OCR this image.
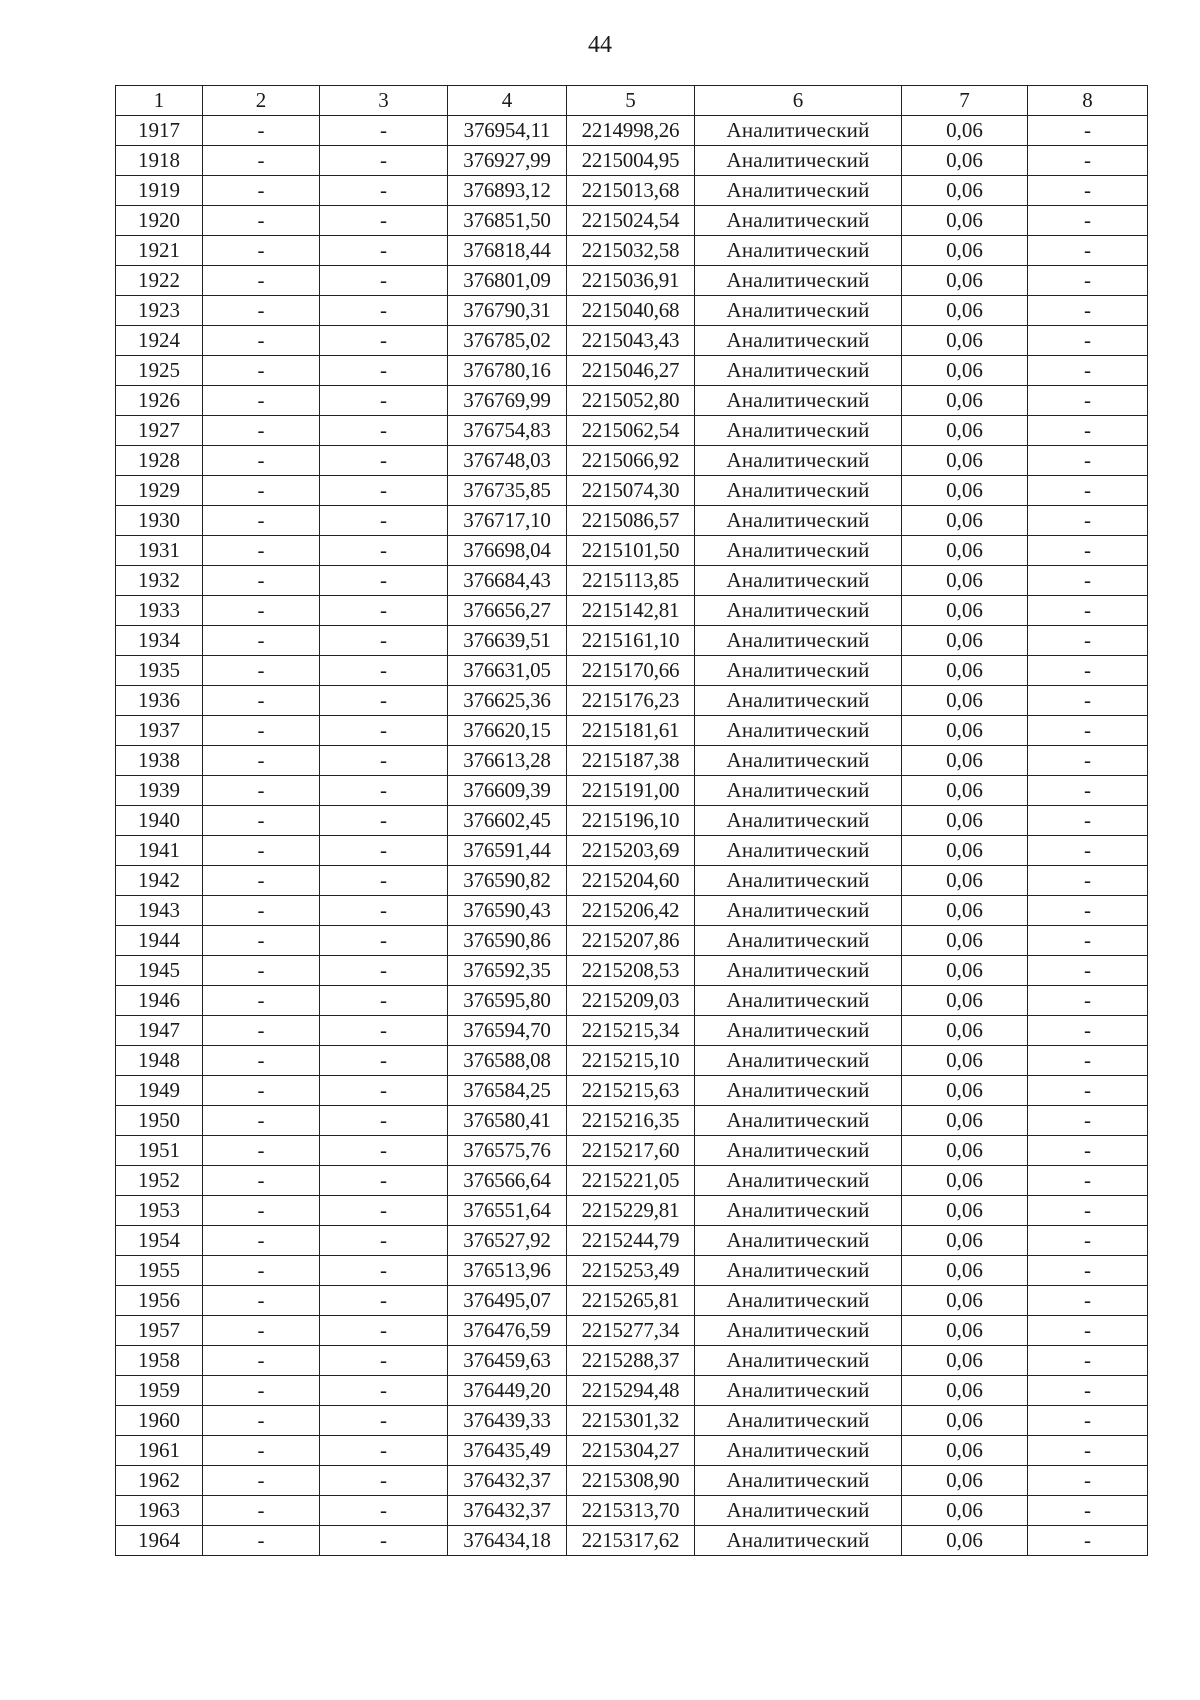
44
1	2	3	4	5	6	7	8
1917	-	-	376954,11	2214998,26	Аналитический	0,06	-
1918	-	-	376927,99	2215004,95	Аналитический	0,06	-
1919	-	-	376893,12	2215013,68	Аналитический	0,06	-
1920	-	-	376851,50	2215024,54	Аналитический	0,06	-
1921	-	-	376818,44	2215032,58	Аналитический	0,06	-
1922	-	-	376801,09	2215036,91	Аналитический	0,06	-
1923	-	-	376790,31	2215040,68	Аналитический	0,06	-
1924	-	-	376785,02	2215043,43	Аналитический	0,06	-
1925	-	-	376780,16	2215046,27	Аналитический	0,06	-
1926	-	-	376769,99	2215052,80	Аналитический	0,06	-
1927	-	-	376754,83	2215062,54	Аналитический	0,06	-
1928	-	-	376748,03	2215066,92	Аналитический	0,06	-
1929	-	-	376735,85	2215074,30	Аналитический	0,06	-
1930	-	-	376717,10	2215086,57	Аналитический	0,06	-
1931	-	-	376698,04	2215101,50	Аналитический	0,06	-
1932	-	-	376684,43	2215113,85	Аналитический	0,06	-
1933	-	-	376656,27	2215142,81	Аналитический	0,06	-
1934	-	-	376639,51	2215161,10	Аналитический	0,06	-
1935	-	-	376631,05	2215170,66	Аналитический	0,06	-
1936	-	-	376625,36	2215176,23	Аналитический	0,06	-
1937	-	-	376620,15	2215181,61	Аналитический	0,06	-
1938	-	-	376613,28	2215187,38	Аналитический	0,06	-
1939	-	-	376609,39	2215191,00	Аналитический	0,06	-
1940	-	-	376602,45	2215196,10	Аналитический	0,06	-
1941	-	-	376591,44	2215203,69	Аналитический	0,06	-
1942	-	-	376590,82	2215204,60	Аналитический	0,06	-
1943	-	-	376590,43	2215206,42	Аналитический	0,06	-
1944	-	-	376590,86	2215207,86	Аналитический	0,06	-
1945	-	-	376592,35	2215208,53	Аналитический	0,06	-
1946	-	-	376595,80	2215209,03	Аналитический	0,06	-
1947	-	-	376594,70	2215215,34	Аналитический	0,06	-
1948	-	-	376588,08	2215215,10	Аналитический	0,06	-
1949	-	-	376584,25	2215215,63	Аналитический	0,06	-
1950	-	-	376580,41	2215216,35	Аналитический	0,06	-
1951	-	-	376575,76	2215217,60	Аналитический	0,06	-
1952	-	-	376566,64	2215221,05	Аналитический	0,06	-
1953	-	-	376551,64	2215229,81	Аналитический	0,06	-
1954	-	-	376527,92	2215244,79	Аналитический	0,06	-
1955	-	-	376513,96	2215253,49	Аналитический	0,06	-
1956	-	-	376495,07	2215265,81	Аналитический	0,06	-
1957	-	-	376476,59	2215277,34	Аналитический	0,06	-
1958	-	-	376459,63	2215288,37	Аналитический	0,06	-
1959	-	-	376449,20	2215294,48	Аналитический	0,06	-
1960	-	-	376439,33	2215301,32	Аналитический	0,06	-
1961	-	-	376435,49	2215304,27	Аналитический	0,06	-
1962	-	-	376432,37	2215308,90	Аналитический	0,06	-
1963	-	-	376432,37	2215313,70	Аналитический	0,06	-
1964	-	-	376434,18	2215317,62	Аналитический	0,06	-
